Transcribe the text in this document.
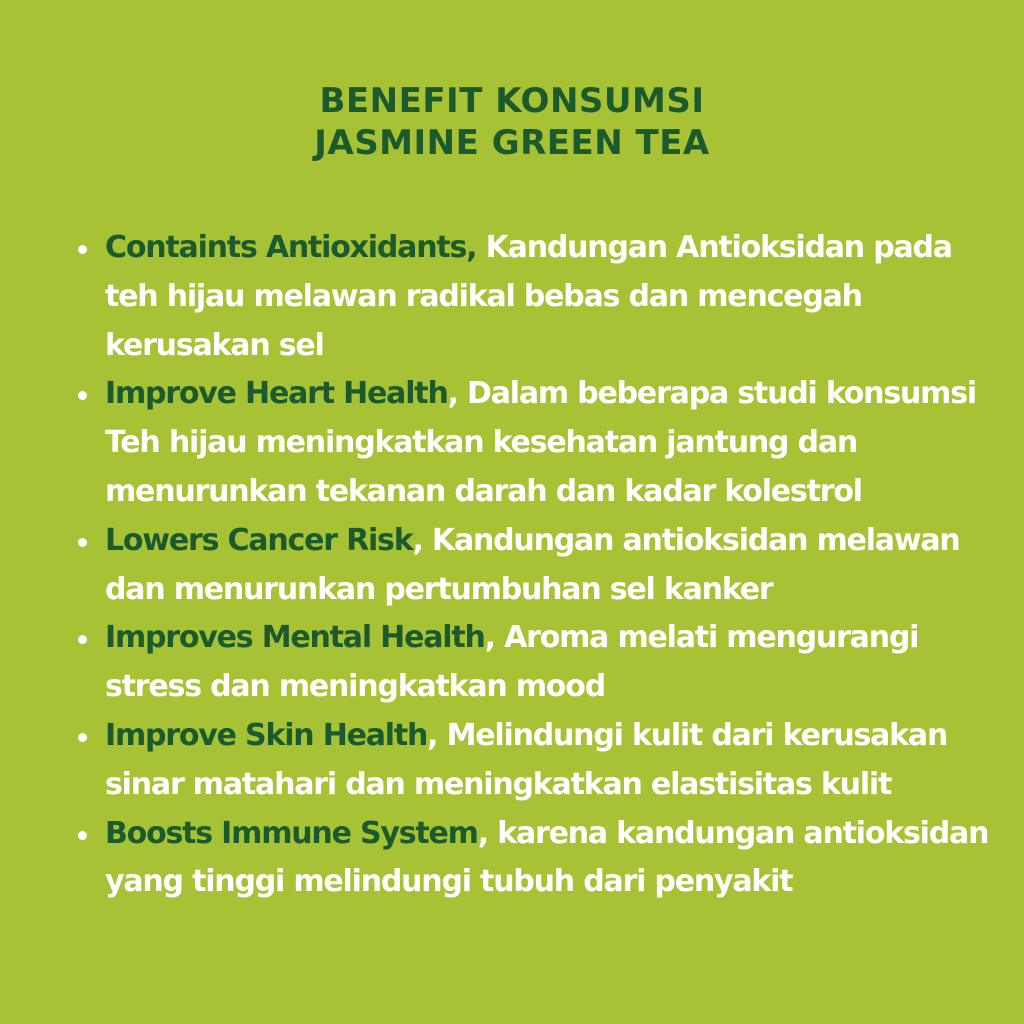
BENEFIT KONSUMSI
JASMINE GREEN TEA
Containts Antioxidants, Kandungan Antioksidan pada teh hijau melawan radikal bebas dan mencegah kerusakan sel
Improve Heart Health, Dalam beberapa studi konsumsi Teh hijau meningkatkan kesehatan jantung dan menurunkan tekanan darah dan kadar kolestrol
Lowers Cancer Risk, Kandungan antioksidan melawan dan menurunkan pertumbuhan sel kanker
Improves Mental Health, Aroma melati mengurangi stress dan meningkatkan mood
Improve Skin Health, Melindungi kulit dari kerusakan sinar matahari dan meningkatkan elastisitas kulit
Boosts Immune System, karena kandungan antioksidan yang tinggi melindungi tubuh dari penyakit
